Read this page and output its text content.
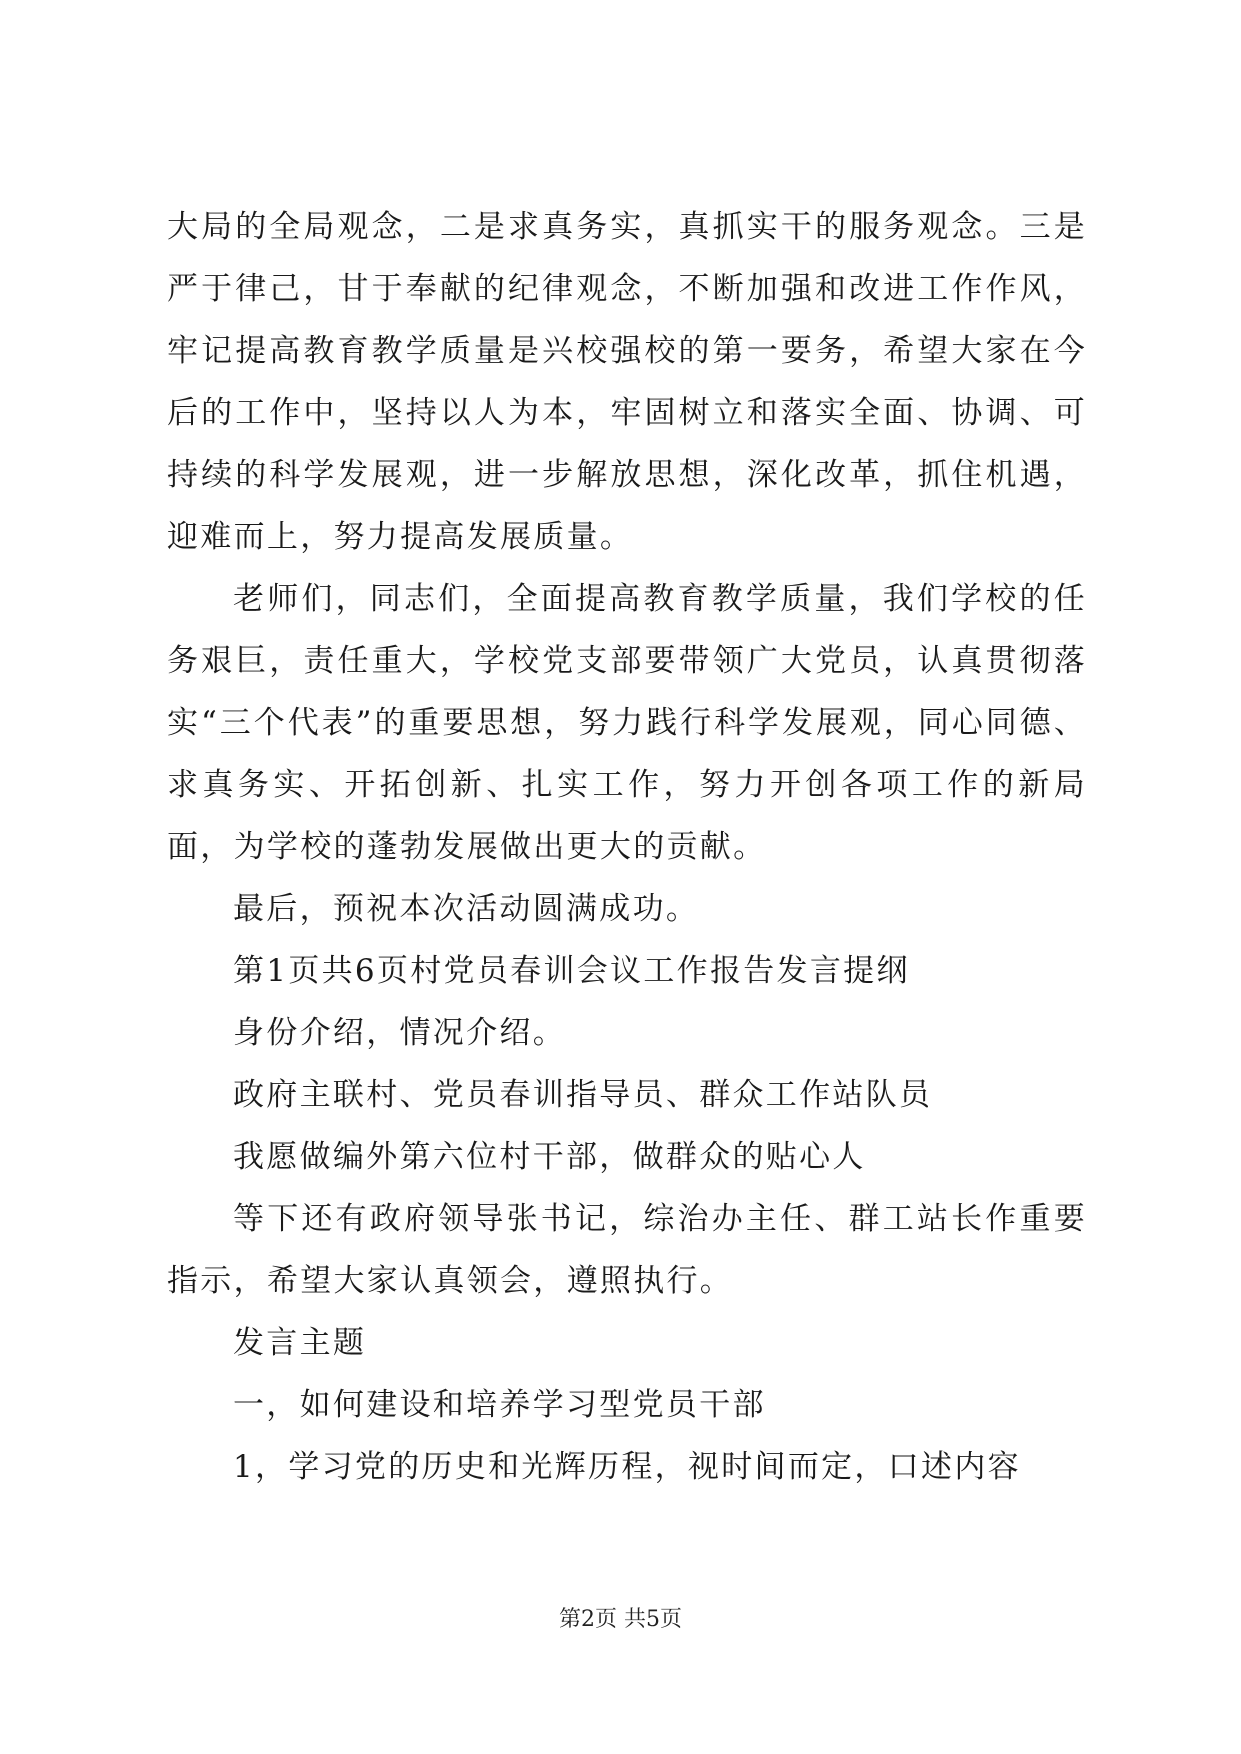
大局的全局观念，二是求真务实，真抓实干的服务观念。三是严于律己，甘于奉献的纪律观念，不断加强和改进工作作风，牢记提高教育教学质量是兴校强校的第一要务，希望大家在今后的工作中，坚持以人为本，牢固树立和落实全面、协调、可持续的科学发展观，进一步解放思想，深化改革，抓住机遇，迎难而上，努力提高发展质量。

老师们，同志们，全面提高教育教学质量，我们学校的任务艰巨，责任重大，学校党支部要带领广大党员，认真贯彻落实“三个代表”的重要思想，努力践行科学发展观，同心同德、求真务实、开拓创新、扎实工作，努力开创各项工作的新局面，为学校的蓬勃发展做出更大的贡献。

最后，预祝本次活动圆满成功。

第1页共6页村党员春训会议工作报告发言提纲

身份介绍，情况介绍。

政府主联村、党员春训指导员、群众工作站队员

我愿做编外第六位村干部，做群众的贴心人

等下还有政府领导张书记，综治办主任、群工站长作重要指示，希望大家认真领会，遵照执行。

发言主题

一，如何建设和培养学习型党员干部

1，学习党的历史和光辉历程，视时间而定，口述内容

第2页 共5页
